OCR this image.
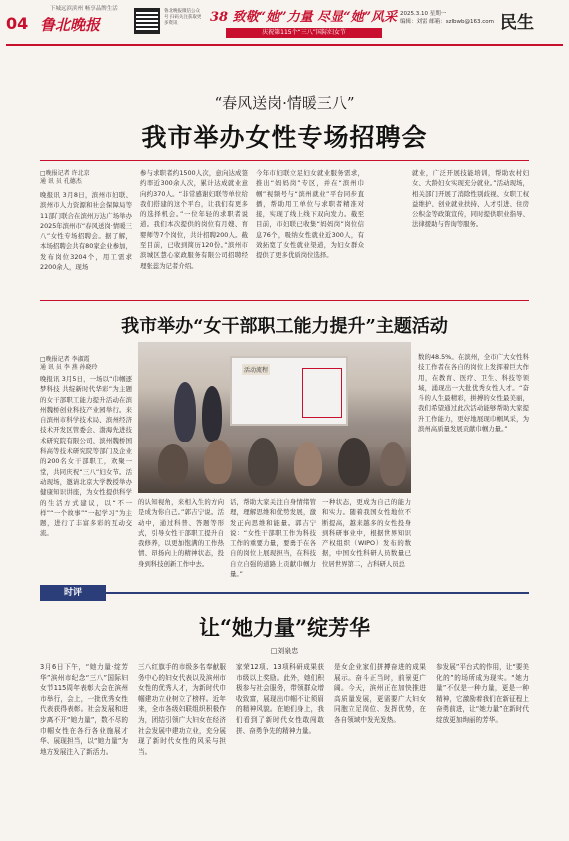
下城远滨滨州 畅享品牌生活
04 鲁北晚报
鲁北晚报微信公众号 扫码关注获取更多资讯	38 致敬“她”力量 尽显“她”风采
庆祝第115个“三八”国际妇女节
2025.3.10 星期一
编辑：刘雷 邮箱：szlbwb@163.com 民生
“春风送岗·情暖三八”
我市举办女性专场招聘会
□晚报记者 许北京
通 讯 员 孔德杰
晚报讯 3月8日，滨州市妇联、滨州市人力资源和社会保障局等11部门联合在滨州万达广场举办2025年滨州市“春风送岗·情暖三八”女性专场招聘会。据了解，本场招聘会共有80家企业参加，发布岗位3204个，用工需求2200余人，现场
参与求职者约1500人次，意向达成签约率近300余人次，累计达成就业意向约370人。“非常感谢妇联等单位给我们搭建的这个平台，让我们有更多的选择机会。”一位年轻的求职者说道。我们本次提供的岗位有月嫂、育婴师等7个岗位，共计招聘200人。截至目前，已收到简历120份。”滨州市滨城区慧心家政服务有限公司招聘经理张蕊为记者介绍。
今年市妇联立足妇女就业服务需求，推出“妈妈岗”专区，并在“滨州巾帼”视频号与“滨州就业”平台同步直播，帮助用工单位与求职者精准对接，实现了线上线下双向发力。截至目前，市妇联已收集“妈妈岗”岗位信息76个，吸纳女性就业近300人，有效拓宽了女性就业渠道，为妇女群众提供了更多优质岗位选择。
就业，广泛开展技能培训，帮助农村妇女、大龄妇女实现充分就业。”活动现场，相关部门开展了消除性别歧视、女职工权益维护、创业就业扶持、人才引进、住房公积金等政策宣传，同时提供职业指导、法律援助与咨询等服务。
我市举办“女干部职工能力提升”主题活动
□晚报记者 李淑霞
通 讯 员 李 燕 孙晓玲
晚报讯 3月5日，一场以“巾帼逐梦科技 共绽新时代华彩”为主题的女干部职工能力提升活动在滨州魏桥创业科技产业园举行。来自滨州市科学技术局、滨州经济技术开发区管委会、渤海先进技术研究院有限公司、滨州魏桥国科高等技术研究院等部门及企业的200名女干部职工，欢聚一堂，共同庆祝“三八”妇女节。活动现场，邀请北京大学教授举办健康知识讲座，为女性提供科学的生活方式建议，以“不一样”“一个故事”“一起学习”为主题，进行了丰富多彩的互动交流。
活动流程
的认知视角，来相入生的方向是成为你自己。”郭吉宁说。活动中，通过科普、答题等形式，引导女性干部职工提升自我修养，以更加饱满的工作热情、昂扬向上的精神状态，投身到科技创新工作中去。
话，帮助大家关注自身情绪管理，理解思维和优势发展，激发正向思维和能量。郭吉宁说：“女性干部职工作为科技工作的重要力量，要勇于在各自的岗位上展现担当，在科技自立自强的道路上贡献巾帼力量。”
一种状态，更成为自己的能力和实力。随着我国女性地位不断提高，越来越多的女性投身到科研事业中，根据世界知识产权组织（WIPO）发布的数据，中国女性科研人员数量已位居世界第二，占科研人员总
数的48.5%。在滨州，全市广大女性科技工作者在各自的岗位上发挥着巨大作用，在教育、医疗、卫生、科技等领域，涌现出一大批优秀女性人才。“奋斗的人生最精彩，拼搏的女性最美丽，我们希望通过此次活动能够帮助大家提升工作能力，更好地展现巾帼风采，为滨州高质量发展贡献巾帼力量。”
时评
让“她力量”绽芳华
□刘泉忠
3月6日下午，“她力量·绽芳华”滨州市纪念“三八”国际妇女节115周年表彰大会在滨州市举行，会上，一批优秀女性代表获得表彰。社会发展和进步离不开“她力量”，数不尽的巾帼女性在各行各业施展才华、展现担当，以“她力量”为地方发展注入了新活力。
三八红旗手的市级多名奉献服务中心的妇女代表以及滨州市女性的优秀人才，为新时代巾帼建功立业树立了榜样。近年来，全市各级妇联组织积极作为，团结引领广大妇女在经济社会发展中建功立业，充分展现了新时代女性的风采与担当。
家荣12项、13项科研成果获市级以上奖励。此外，她们积极参与社会服务，带领群众增收致富，展现出巾帼不让须眉的精神风貌。在她们身上，我们看到了新时代女性敢闯敢拼、奋勇争先的精神力量。
是女企业家们拼搏奋进的成果展示。奋斗正当时，前景更广阔。今天，滨州正在加快推进高质量发展，更需要广大妇女同胞立足岗位、发挥优势，在各自领域中发光发热。
参发展”平台式的作用，让“要美化的”的场所成为现实。“她力量”不仅是一种力量，更是一种精神，它激励着我们在新征程上奋勇前进，让“她力量”在新时代绽放更加绚丽的芳华。
